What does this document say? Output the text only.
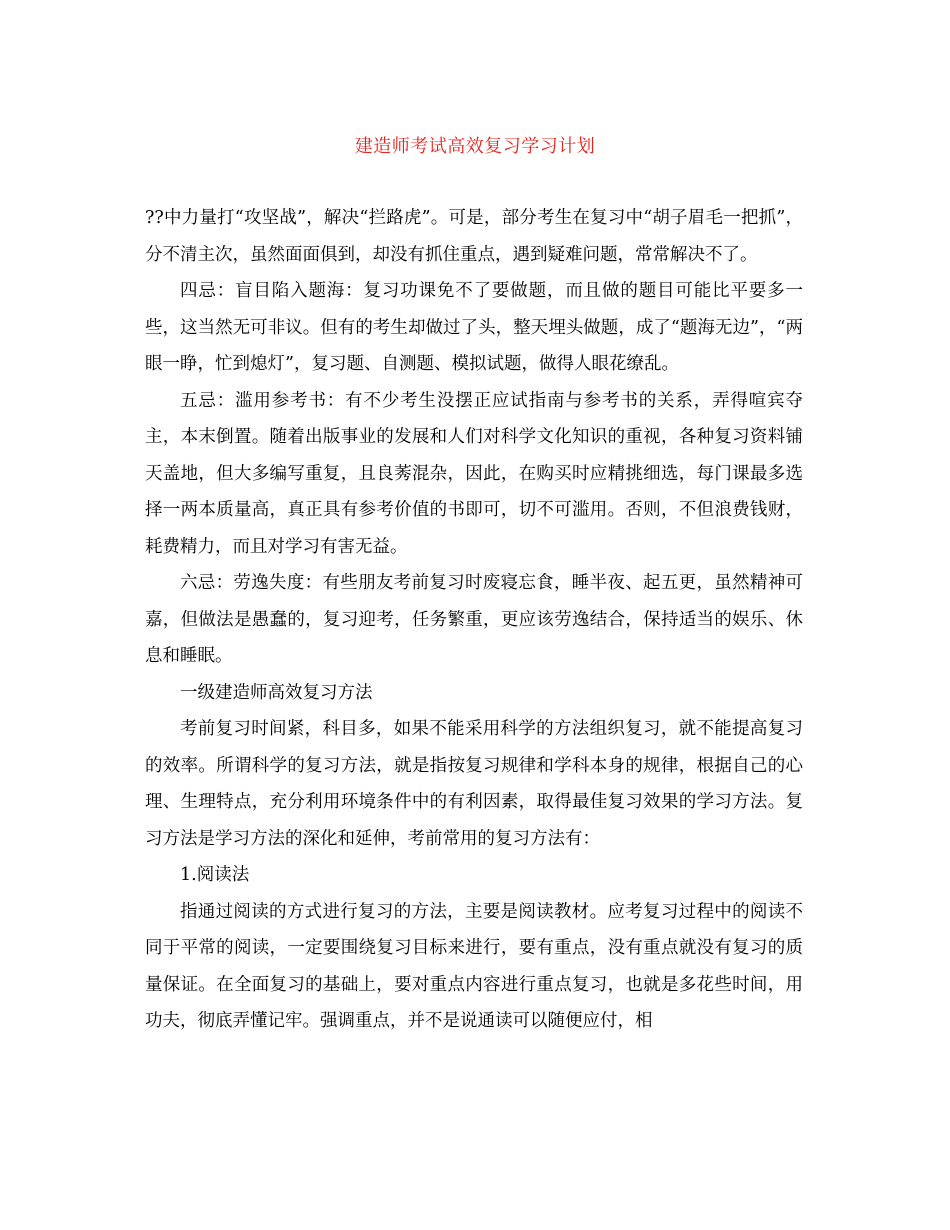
建造师考试高效复习学习计划

??中力量打“攻坚战”，解决“拦路虎”。可是，部分考生在复习中“胡子眉毛一把抓”，分不清主次，虽然面面俱到，却没有抓住重点，遇到疑难问题，常常解决不了。

四忌：盲目陷入题海：复习功课免不了要做题，而且做的题目可能比平要多一些，这当然无可非议。但有的考生却做过了头，整天埋头做题，成了“题海无边”，“两眼一睁，忙到熄灯”，复习题、自测题、模拟试题，做得人眼花缭乱。

五忌：滥用参考书：有不少考生没摆正应试指南与参考书的关系，弄得喧宾夺主，本末倒置。随着出版事业的发展和人们对科学文化知识的重视，各种复习资料铺天盖地，但大多编写重复，且良莠混杂，因此，在购买时应精挑细选，每门课最多选择一两本质量高，真正具有参考价值的书即可，切不可滥用。否则，不但浪费钱财，耗费精力，而且对学习有害无益。

六忌：劳逸失度：有些朋友考前复习时废寝忘食，睡半夜、起五更，虽然精神可嘉，但做法是愚蠢的，复习迎考，任务繁重，更应该劳逸结合，保持适当的娱乐、休息和睡眠。

一级建造师高效复习方法

考前复习时间紧，科目多，如果不能采用科学的方法组织复习，就不能提高复习的效率。所谓科学的复习方法，就是指按复习规律和学科本身的规律，根据自己的心理、生理特点，充分利用环境条件中的有利因素，取得最佳复习效果的学习方法。复习方法是学习方法的深化和延伸，考前常用的复习方法有：

1.阅读法

指通过阅读的方式进行复习的方法，主要是阅读教材。应考复习过程中的阅读不同于平常的阅读，一定要围绕复习目标来进行，要有重点，没有重点就没有复习的质量保证。在全面复习的基础上，要对重点内容进行重点复习，也就是多花些时间，用功夫，彻底弄懂记牢。强调重点，并不是说通读可以随便应付，相
